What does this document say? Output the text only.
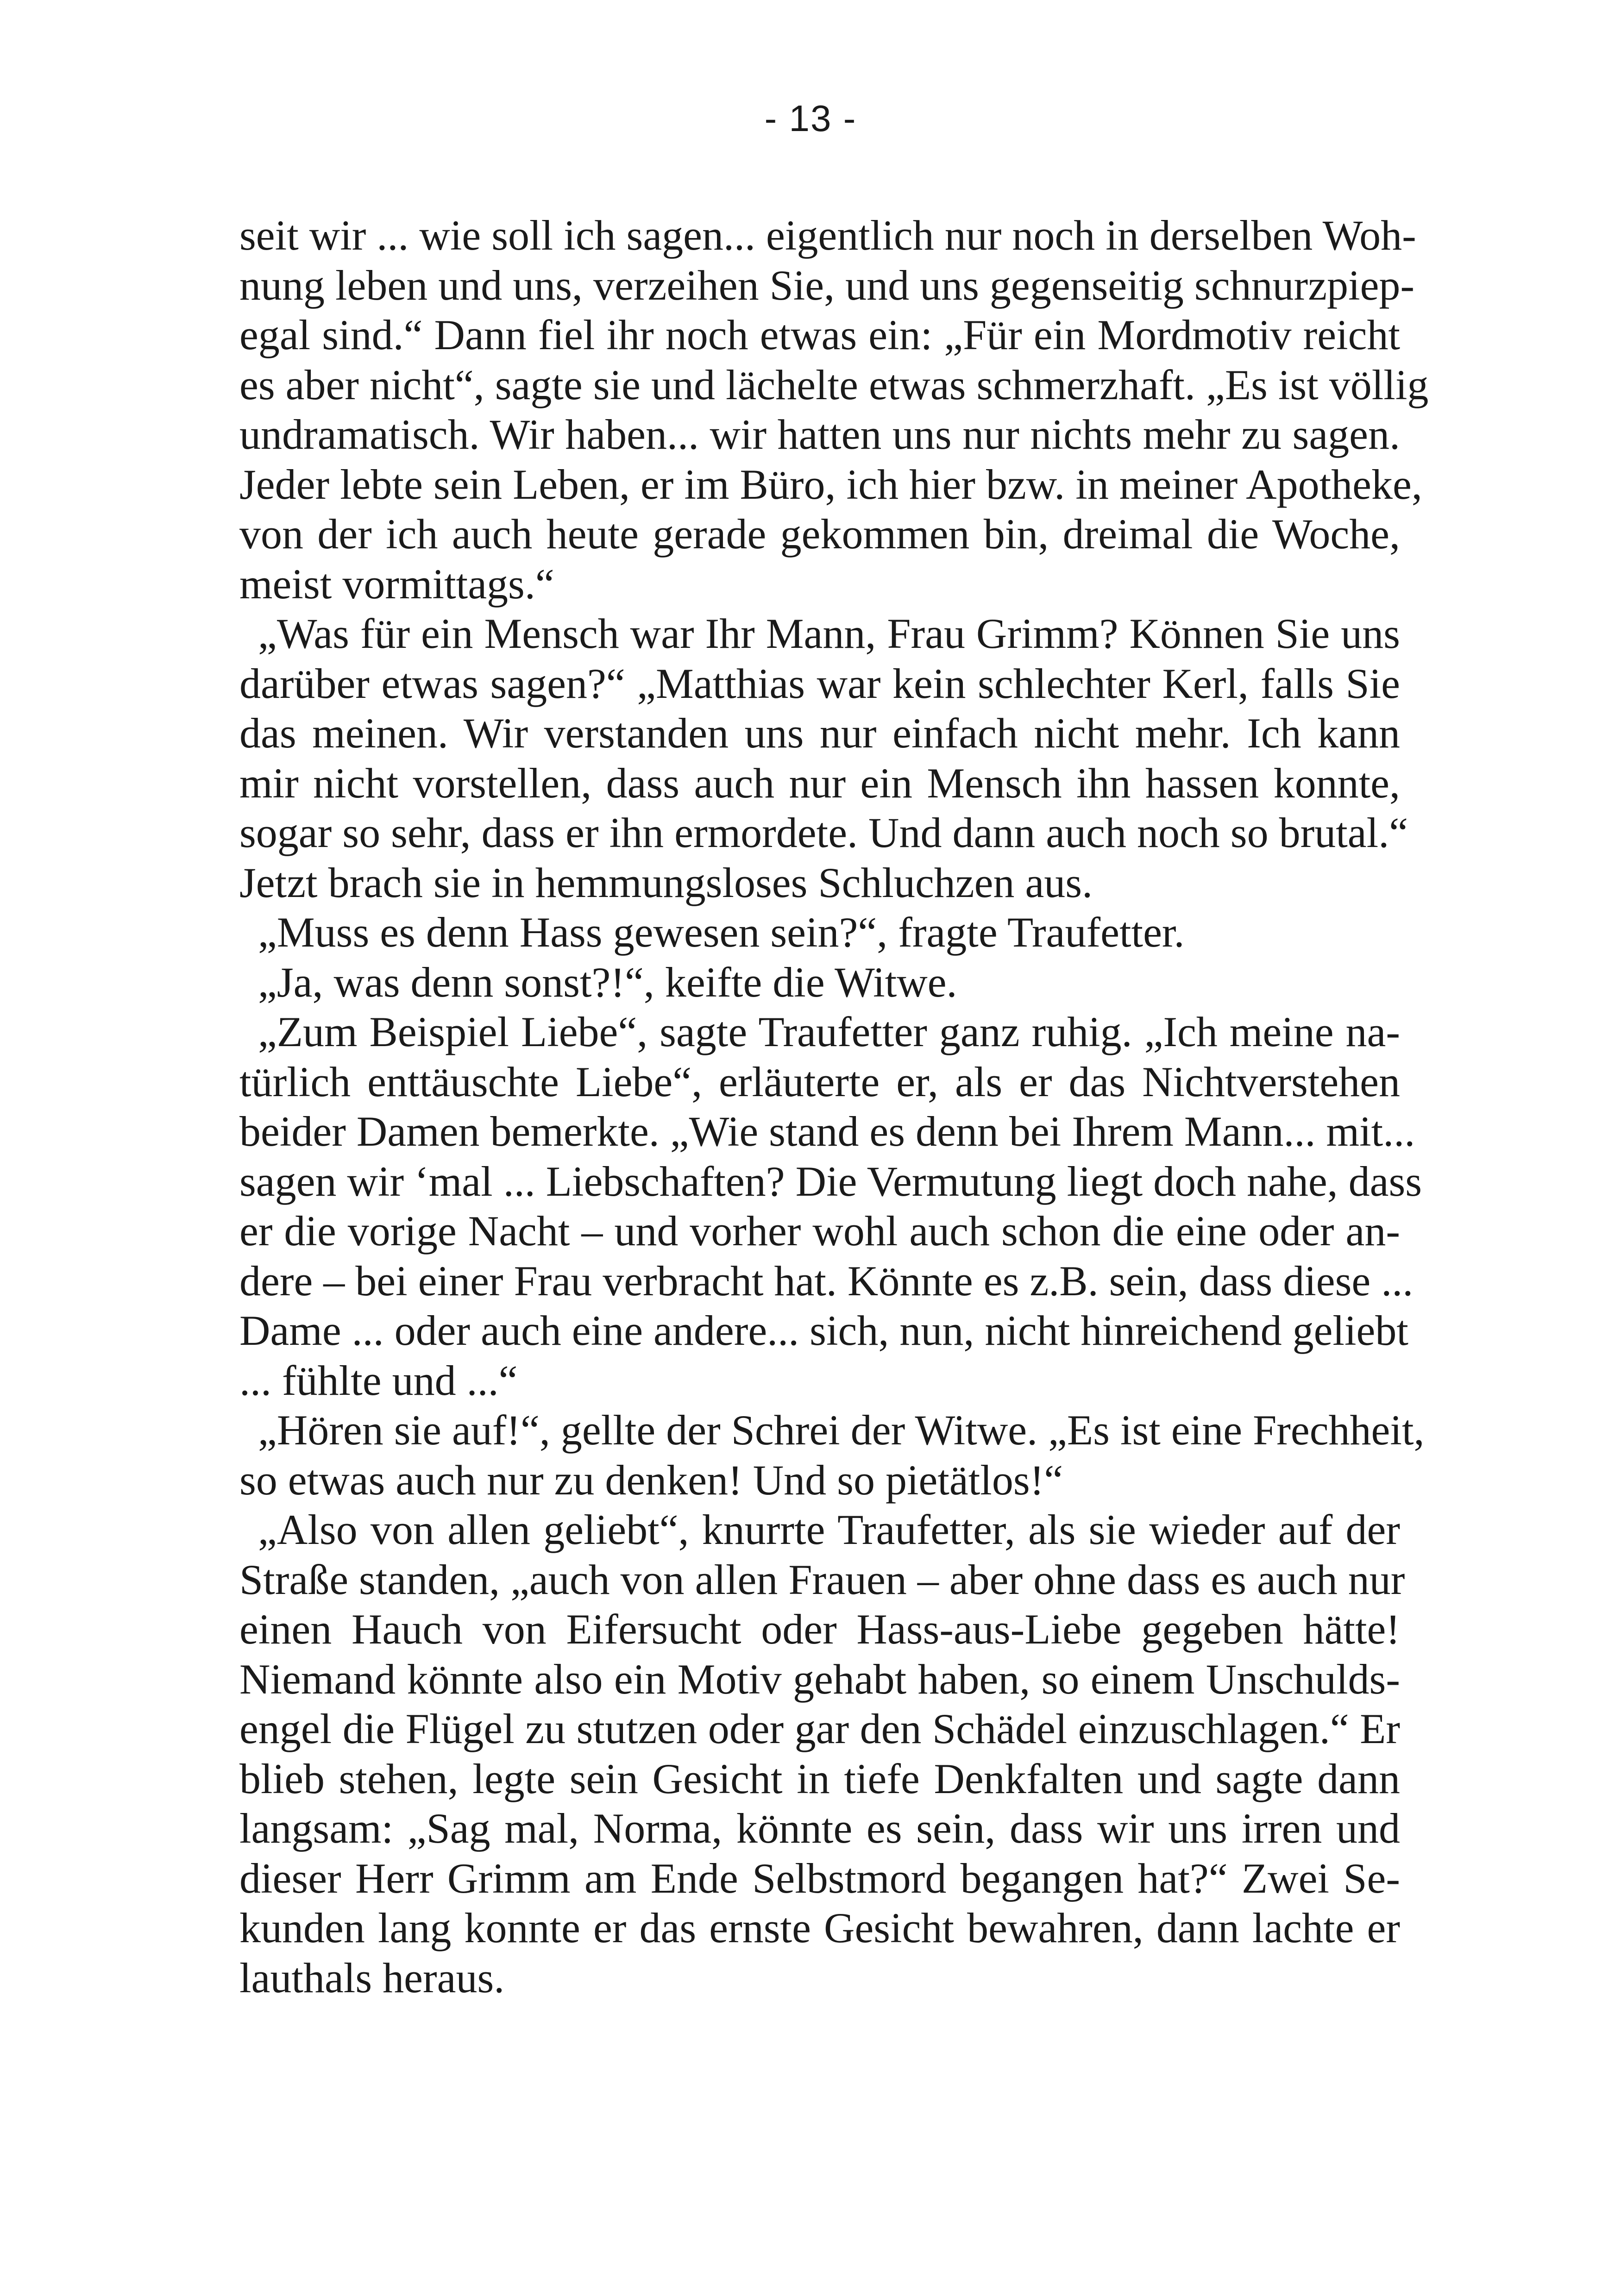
- 13 -
seit wir ... wie soll ich sagen... eigentlich nur noch in derselben Woh-
nung leben und uns, verzeihen Sie, und uns gegenseitig schnurzpiep-
egal sind.“ Dann fiel ihr noch etwas ein: „Für ein Mordmotiv reicht
es aber nicht“, sagte sie und lächelte etwas schmerzhaft. „Es ist völlig
undramatisch. Wir haben... wir hatten uns nur nichts mehr zu sagen.
Jeder lebte sein Leben, er im Büro, ich hier bzw. in meiner Apotheke,
von der ich auch heute gerade gekommen bin, dreimal die Woche,
meist vormittags.“
„Was für ein Mensch war Ihr Mann, Frau Grimm? Können Sie uns
darüber etwas sagen?“ „Matthias war kein schlechter Kerl, falls Sie
das meinen. Wir verstanden uns nur einfach nicht mehr. Ich kann
mir nicht vorstellen, dass auch nur ein Mensch ihn hassen konnte,
sogar so sehr, dass er ihn ermordete. Und dann auch noch so brutal.“
Jetzt brach sie in hemmungsloses Schluchzen aus.
„Muss es denn Hass gewesen sein?“, fragte Traufetter.
„Ja, was denn sonst?!“, keifte die Witwe.
„Zum Beispiel Liebe“, sagte Traufetter ganz ruhig. „Ich meine na-
türlich enttäuschte Liebe“, erläuterte er, als er das Nichtverstehen
beider Damen bemerkte. „Wie stand es denn bei Ihrem Mann... mit...
sagen wir ‘mal ... Liebschaften? Die Vermutung liegt doch nahe, dass
er die vorige Nacht – und vorher wohl auch schon die eine oder an-
dere – bei einer Frau verbracht hat. Könnte es z.B. sein, dass diese ...
Dame ... oder auch eine andere... sich, nun, nicht hinreichend geliebt
... fühlte und ...“
„Hören sie auf!“, gellte der Schrei der Witwe. „Es ist eine Frechheit,
so etwas auch nur zu denken! Und so pietätlos!“
„Also von allen geliebt“, knurrte Traufetter, als sie wieder auf der
Straße standen, „auch von allen Frauen – aber ohne dass es auch nur
einen Hauch von Eifersucht oder Hass-aus-Liebe gegeben hätte!
Niemand könnte also ein Motiv gehabt haben, so einem Unschulds-
engel die Flügel zu stutzen oder gar den Schädel einzuschlagen.“ Er
blieb stehen, legte sein Gesicht in tiefe Denkfalten und sagte dann
langsam: „Sag mal, Norma, könnte es sein, dass wir uns irren und
dieser Herr Grimm am Ende Selbstmord begangen hat?“ Zwei Se-
kunden lang konnte er das ernste Gesicht bewahren, dann lachte er
lauthals heraus.
